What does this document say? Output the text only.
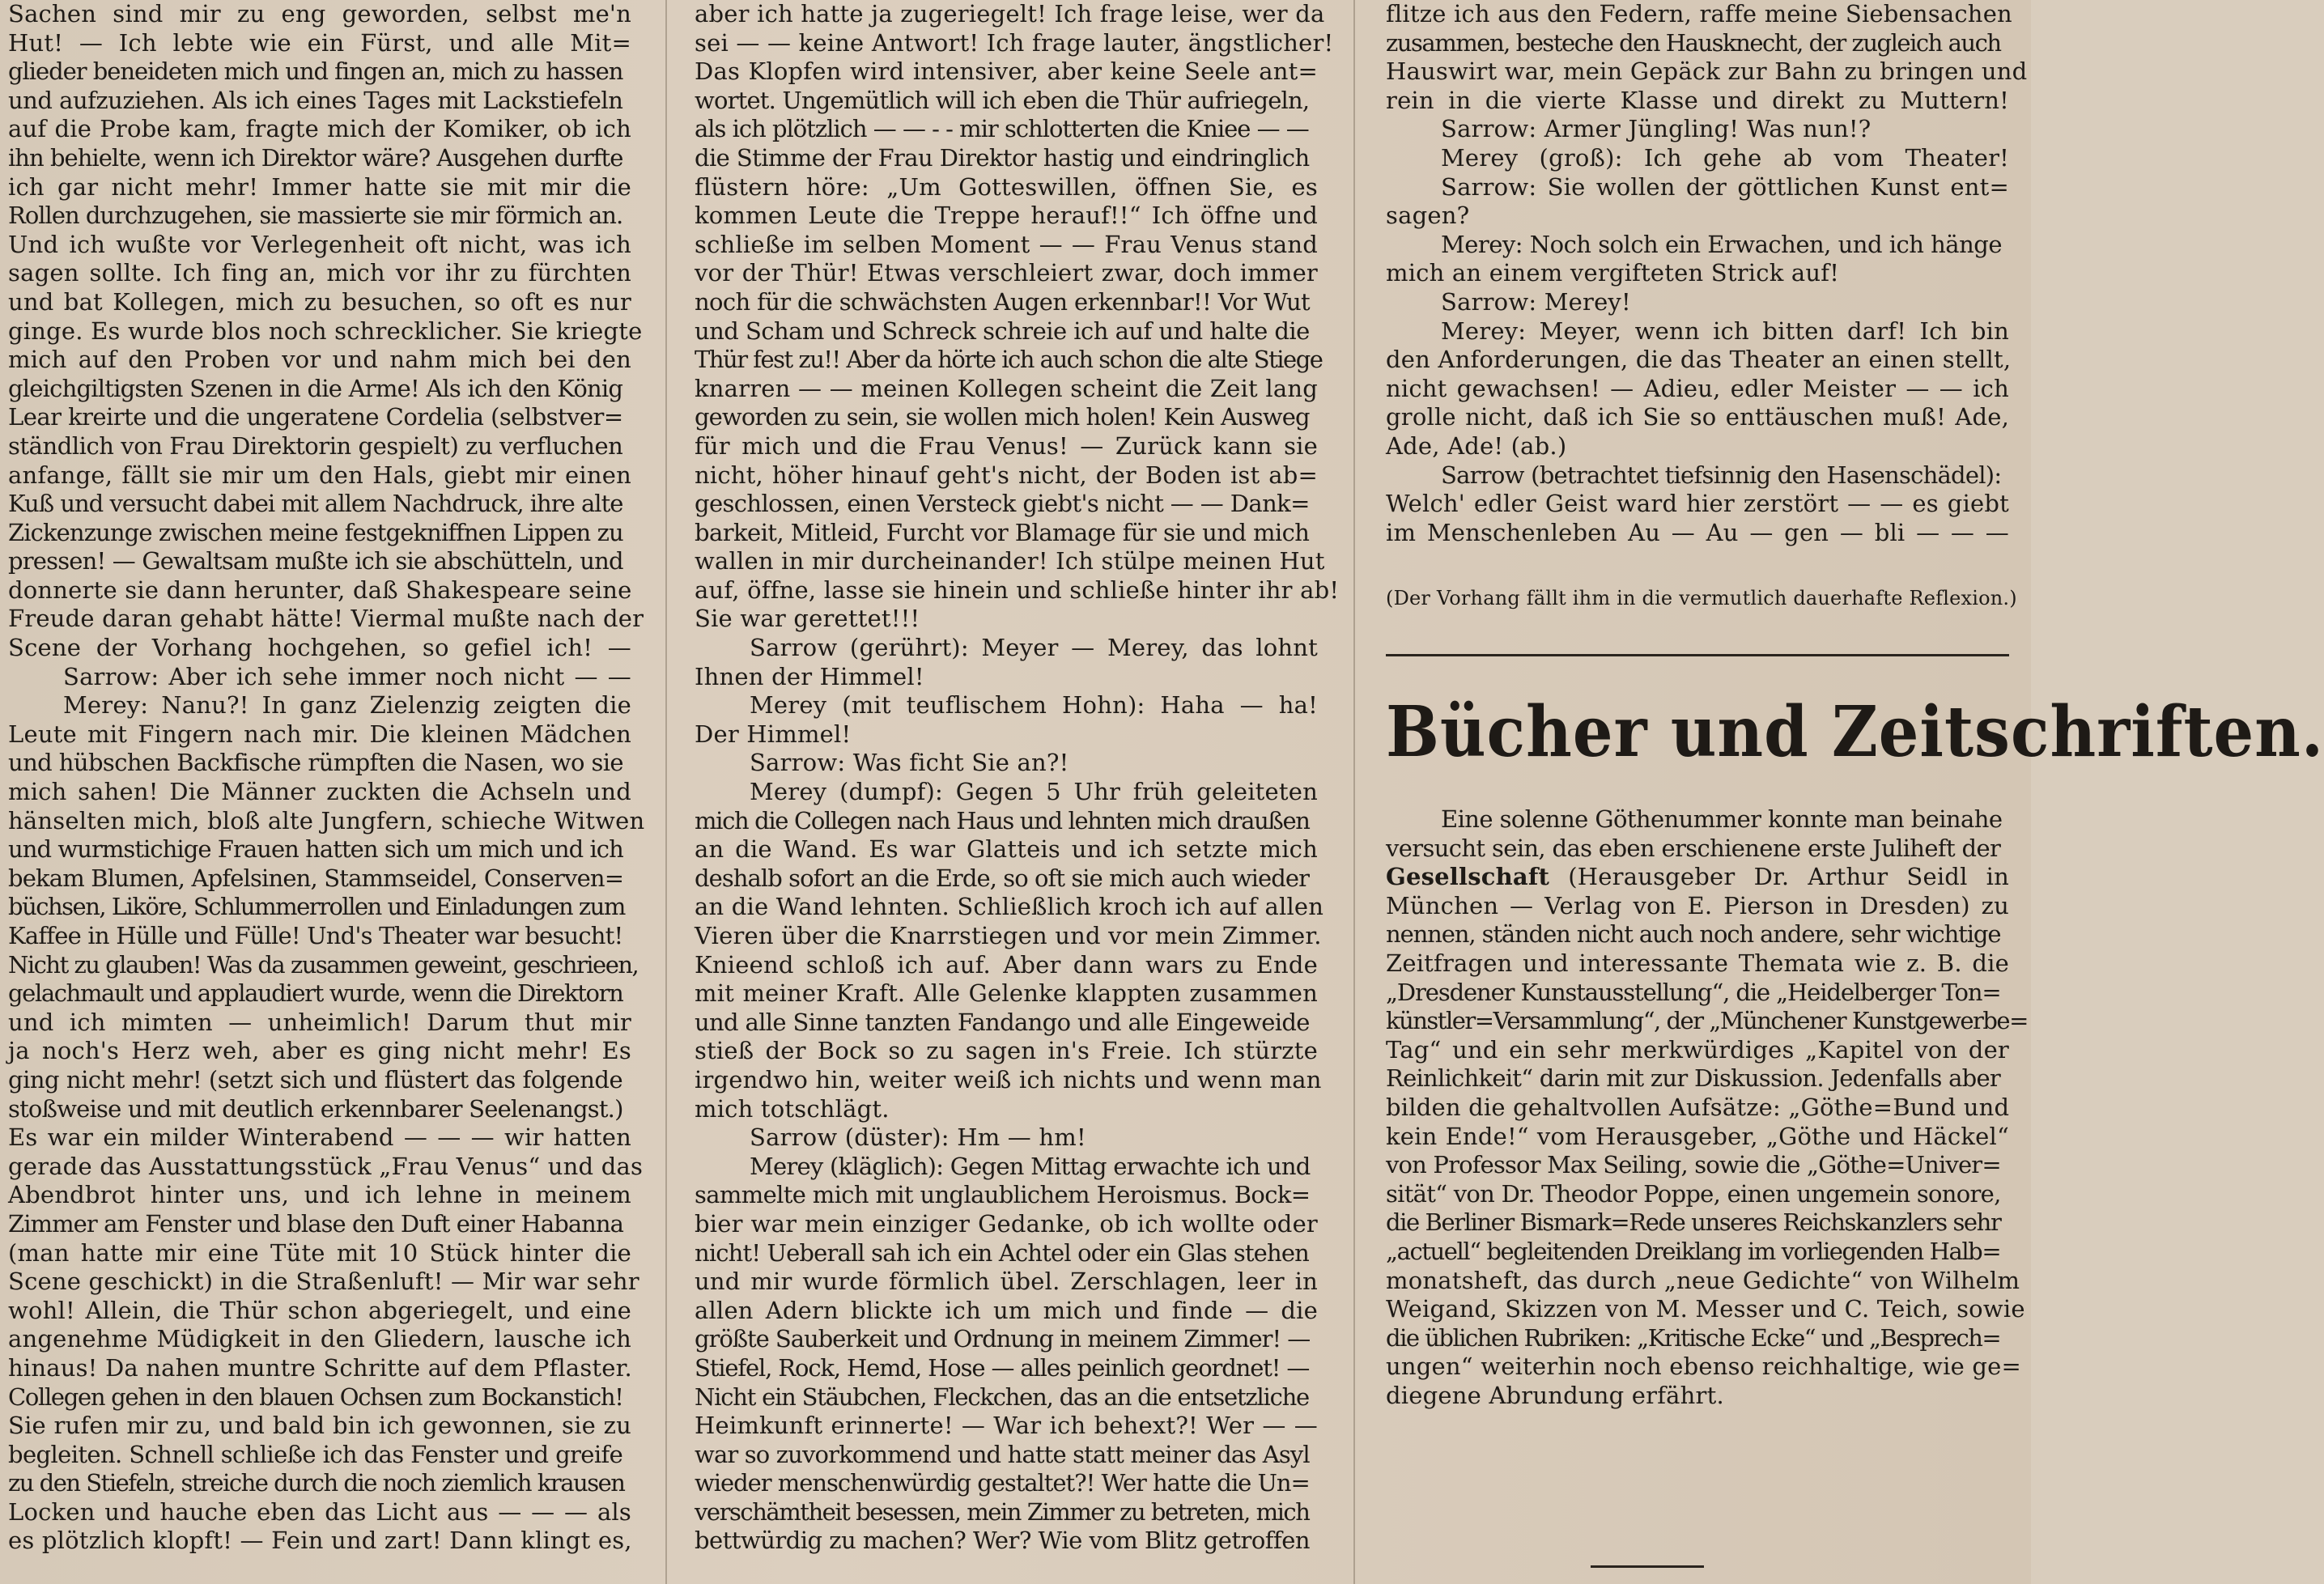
Sachen sind mir zu eng geworden, selbst me'n

Hut! — Ich lebte wie ein Fürst, und alle Mit=

glieder beneideten mich und fingen an, mich zu hassen

und aufzuziehen. Als ich eines Tages mit Lackstiefeln

auf die Probe kam, fragte mich der Komiker, ob ich

ihn behielte, wenn ich Direktor wäre? Ausgehen durfte

ich gar nicht mehr! Immer hatte sie mit mir die

Rollen durchzugehen, sie massierte sie mir förmich an.

Und ich wußte vor Verlegenheit oft nicht, was ich

sagen sollte. Ich fing an, mich vor ihr zu fürchten

und bat Kollegen, mich zu besuchen, so oft es nur

ginge. Es wurde blos noch schrecklicher. Sie kriegte

mich auf den Proben vor und nahm mich bei den

gleichgiltigsten Szenen in die Arme! Als ich den König

Lear kreirte und die ungeratene Cordelia (selbstver=

ständlich von Frau Direktorin gespielt) zu verfluchen

anfange, fällt sie mir um den Hals, giebt mir einen

Kuß und versucht dabei mit allem Nachdruck, ihre alte

Zickenzunge zwischen meine festgekniffnen Lippen zu

pressen! — Gewaltsam mußte ich sie abschütteln, und

donnerte sie dann herunter, daß Shakespeare seine

Freude daran gehabt hätte! Viermal mußte nach der

Scene der Vorhang hochgehen, so gefiel ich! —

Sarrow: Aber ich sehe immer noch nicht — —

Merey: Nanu?! In ganz Zielenzig zeigten die

Leute mit Fingern nach mir. Die kleinen Mädchen

und hübschen Backfische rümpften die Nasen, wo sie

mich sahen! Die Männer zuckten die Achseln und

hänselten mich, bloß alte Jungfern, schieche Witwen

und wurmstichige Frauen hatten sich um mich und ich

bekam Blumen, Apfelsinen, Stammseidel, Conserven=

büchsen, Liköre, Schlummerrollen und Einladungen zum

Kaffee in Hülle und Fülle! Und's Theater war besucht!

Nicht zu glauben! Was da zusammen geweint, geschrieen,

gelachmault und applaudiert wurde, wenn die Direktorn

und ich mimten — unheimlich! Darum thut mir

ja noch's Herz weh, aber es ging nicht mehr! Es

ging nicht mehr! (setzt sich und flüstert das folgende

stoßweise und mit deutlich erkennbarer Seelenangst.)

Es war ein milder Winterabend — — — wir hatten

gerade das Ausstattungsstück „Frau Venus“ und das

Abendbrot hinter uns, und ich lehne in meinem

Zimmer am Fenster und blase den Duft einer Habanna

(man hatte mir eine Tüte mit 10 Stück hinter die

Scene geschickt) in die Straßenluft! — Mir war sehr

wohl! Allein, die Thür schon abgeriegelt, und eine

angenehme Müdigkeit in den Gliedern, lausche ich

hinaus! Da nahen muntre Schritte auf dem Pflaster.

Collegen gehen in den blauen Ochsen zum Bockanstich!

Sie rufen mir zu, und bald bin ich gewonnen, sie zu

begleiten. Schnell schließe ich das Fenster und greife

zu den Stiefeln, streiche durch die noch ziemlich krausen

Locken und hauche eben das Licht aus — — — als

es plötzlich klopft! — Fein und zart! Dann klingt es,

aber ich hatte ja zugeriegelt! Ich frage leise, wer da

sei — — keine Antwort! Ich frage lauter, ängstlicher!

Das Klopfen wird intensiver, aber keine Seele ant=

wortet. Ungemütlich will ich eben die Thür aufriegeln,

als ich plötzlich — — - - mir schlotterten die Kniee — —

die Stimme der Frau Direktor hastig und eindringlich

flüstern höre: „Um Gotteswillen, öffnen Sie, es

kommen Leute die Treppe herauf!!“ Ich öffne und

schließe im selben Moment — — Frau Venus stand

vor der Thür! Etwas verschleiert zwar, doch immer

noch für die schwächsten Augen erkennbar!! Vor Wut

und Scham und Schreck schreie ich auf und halte die

Thür fest zu!! Aber da hörte ich auch schon die alte Stiege

knarren — — meinen Kollegen scheint die Zeit lang

geworden zu sein, sie wollen mich holen! Kein Ausweg

für mich und die Frau Venus! — Zurück kann sie

nicht, höher hinauf geht's nicht, der Boden ist ab=

geschlossen, einen Versteck giebt's nicht — — Dank=

barkeit, Mitleid, Furcht vor Blamage für sie und mich

wallen in mir durcheinander! Ich stülpe meinen Hut

auf, öffne, lasse sie hinein und schließe hinter ihr ab!

Sie war gerettet!!!

Sarrow (gerührt): Meyer — Merey, das lohnt

Ihnen der Himmel!

Merey (mit teuflischem Hohn): Haha — ha!

Der Himmel!

Sarrow: Was ficht Sie an?!

Merey (dumpf): Gegen 5 Uhr früh geleiteten

mich die Collegen nach Haus und lehnten mich draußen

an die Wand. Es war Glatteis und ich setzte mich

deshalb sofort an die Erde, so oft sie mich auch wieder

an die Wand lehnten. Schließlich kroch ich auf allen

Vieren über die Knarrstiegen und vor mein Zimmer.

Knieend schloß ich auf. Aber dann wars zu Ende

mit meiner Kraft. Alle Gelenke klappten zusammen

und alle Sinne tanzten Fandango und alle Eingeweide

stieß der Bock so zu sagen in's Freie. Ich stürzte

irgendwo hin, weiter weiß ich nichts und wenn man

mich totschlägt.

Sarrow (düster): Hm — hm!

Merey (kläglich): Gegen Mittag erwachte ich und

sammelte mich mit unglaublichem Heroismus. Bock=

bier war mein einziger Gedanke, ob ich wollte oder

nicht! Ueberall sah ich ein Achtel oder ein Glas stehen

und mir wurde förmlich übel. Zerschlagen, leer in

allen Adern blickte ich um mich und finde — die

größte Sauberkeit und Ordnung in meinem Zimmer! —

Stiefel, Rock, Hemd, Hose — alles peinlich geordnet! —

Nicht ein Stäubchen, Fleckchen, das an die entsetzliche

Heimkunft erinnerte! — War ich behext?! Wer — —

war so zuvorkommend und hatte statt meiner das Asyl

wieder menschenwürdig gestaltet?! Wer hatte die Un=

verschämtheit besessen, mein Zimmer zu betreten, mich

bettwürdig zu machen? Wer? Wie vom Blitz getroffen

flitze ich aus den Federn, raffe meine Siebensachen

zusammen, besteche den Hausknecht, der zugleich auch

Hauswirt war, mein Gepäck zur Bahn zu bringen und

rein in die vierte Klasse und direkt zu Muttern!

Sarrow: Armer Jüngling! Was nun!?

Merey (groß): Ich gehe ab vom Theater!

Sarrow: Sie wollen der göttlichen Kunst ent=

sagen?

Merey: Noch solch ein Erwachen, und ich hänge

mich an einem vergifteten Strick auf!

Sarrow: Merey!

Merey: Meyer, wenn ich bitten darf! Ich bin

den Anforderungen, die das Theater an einen stellt,

nicht gewachsen! — Adieu, edler Meister — — ich

grolle nicht, daß ich Sie so enttäuschen muß! Ade,

Ade, Ade! (ab.)

Sarrow (betrachtet tiefsinnig den Hasenschädel):

Welch' edler Geist ward hier zerstört — — es giebt

im Menschenleben Au — Au — gen — bli — — —

(Der Vorhang fällt ihm in die vermutlich dauerhafte Reflexion.)

Eine solenne Göthenummer konnte man beinahe

versucht sein, das eben erschienene erste Juliheft der

Gesellschaft (Herausgeber Dr. Arthur Seidl in

München — Verlag von E. Pierson in Dresden) zu

nennen, ständen nicht auch noch andere, sehr wichtige

Zeitfragen und interessante Themata wie z. B. die

„Dresdener Kunstausstellung“, die „Heidelberger Ton=

künstler=Versammlung“, der „Münchener Kunstgewerbe=

Tag“ und ein sehr merkwürdiges „Kapitel von der

Reinlichkeit“ darin mit zur Diskussion. Jedenfalls aber

bilden die gehaltvollen Aufsätze: „Göthe=Bund und

kein Ende!“ vom Herausgeber, „Göthe und Häckel“

von Professor Max Seiling, sowie die „Göthe=Univer=

sität“ von Dr. Theodor Poppe, einen ungemein sonore,

die Berliner Bismark=Rede unseres Reichskanzlers sehr

„actuell“ begleitenden Dreiklang im vorliegenden Halb=

monatsheft, das durch „neue Gedichte“ von Wilhelm

Weigand, Skizzen von M. Messer und C. Teich, sowie

die üblichen Rubriken: „Kritische Ecke“ und „Besprech=

ungen“ weiterhin noch ebenso reichhaltige, wie ge=

diegene Abrundung erfährt.

Bücher und Zeitschriften.
